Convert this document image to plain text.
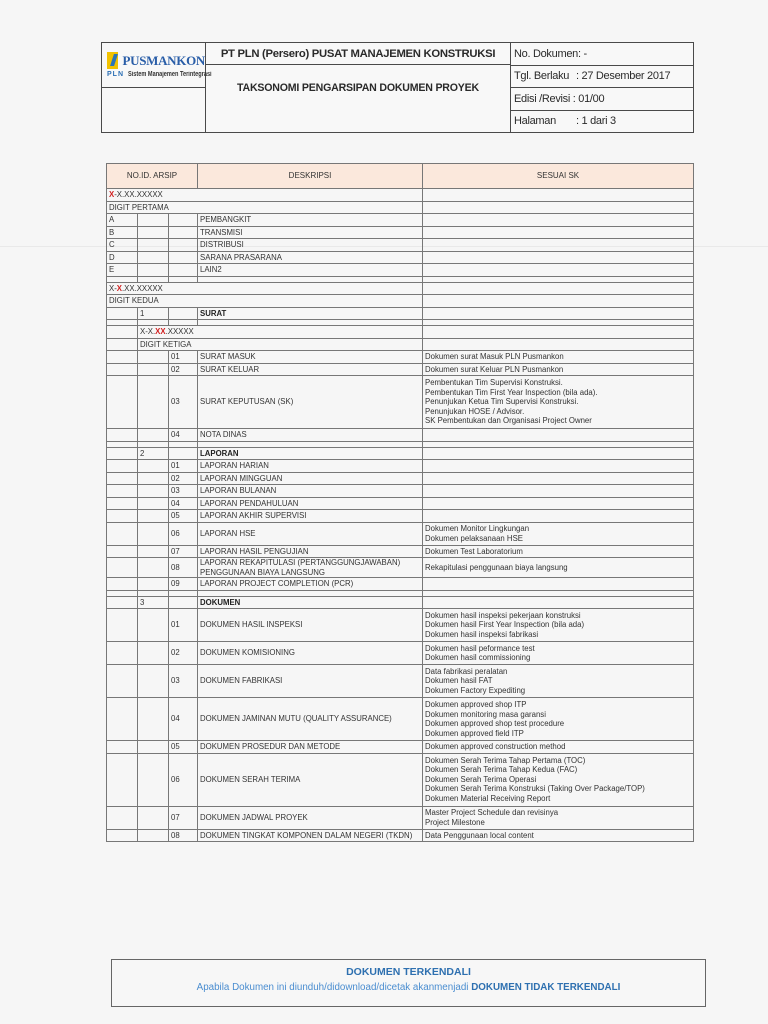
PUSMANKON
PLN Sistem Manajemen Terintegrasi
PT PLN (Persero) PUSAT MANAJEMEN KONSTRUKSI
TAKSONOMI PENGARSIPAN DOKUMEN PROYEK
No. Dokumen: -
Tgl. Berlaku : 27 Desember 2017
Edisi /Revisi : 01/00
Halaman	: 1 dari 3
NO.ID. ARSIP			DESKRIPSI	SESUAI SK
X-X.XX.XXXXX				
DIGIT PERTAMA				
A			PEMBANGKIT	
B			TRANSMISI	
C			DISTRIBUSI	
D			SARANA PRASARANA	
E			LAIN2	

X-X.XX.XXXXX				
DIGIT KEDUA				
	1		SURAT	

	X-X.XX.XXXXX			
	DIGIT KETIGA			
		01	SURAT MASUK	Dokumen surat Masuk PLN Pusmankon

		02	SURAT KELUAR	Dokumen surat Keluar PLN Pusmankon

		03	SURAT KEPUTUSAN (SK)	Pembentukan Tim Supervisi Konstruksi.
Pembentukan Tim First Year Inspection (bila ada).
Penunjukan Ketua Tim Supervisi Konstruksi.
Penunjukan HOSE / Advisor.
SK Pembentukan dan Organisasi Project Owner

		04	NOTA DINAS	

	2		LAPORAN	
		01	LAPORAN HARIAN	
		02	LAPORAN MINGGUAN	
		03	LAPORAN BULANAN	
		04	LAPORAN PENDAHULUAN	
		05	LAPORAN AKHIR SUPERVISI	
		06	LAPORAN HSE	Dokumen Monitor Lingkungan
Dokumen pelaksanaan HSE

		07	LAPORAN HASIL PENGUJIAN	Dokumen Test Laboratorium

		08	LAPORAN REKAPITULASI (PERTANGGUNGJAWABAN) PENGGUNAAN BIAYA LANGSUNG	Rekapitulasi penggunaan biaya langsung

		09	LAPORAN PROJECT COMPLETION (PCR)	

	3		DOKUMEN	
		01	DOKUMEN HASIL INSPEKSI	Dokumen hasil inspeksi pekerjaan konstruksi
Dokumen hasil First Year Inspection (bila ada)
Dokumen hasil inspeksi fabrikasi

		02	DOKUMEN KOMISIONING	Dokumen hasil peformance test
Dokumen hasil commissioning

		03	DOKUMEN FABRIKASI	Data fabrikasi peralatan
Dokumen hasil FAT
Dokumen Factory Expediting

		04	DOKUMEN JAMINAN MUTU (QUALITY ASSURANCE)	Dokumen approved shop ITP
Dokumen monitoring masa garansi
Dokumen approved shop test procedure
Dokumen approved field ITP

		05	DOKUMEN PROSEDUR DAN METODE	Dokumen approved construction method

		06	DOKUMEN SERAH TERIMA	Dokumen Serah Terima Tahap Pertama (TOC)
Dokumen Serah Terima Tahap Kedua (FAC)
Dokumen Serah Terima Operasi
Dokumen Serah Terima Konstruksi (Taking Over Package/TOP)
Dokumen Material Receiving Report

		07	DOKUMEN JADWAL PROYEK	Master Project Schedule dan revisinya
Project Milestone

		08	DOKUMEN TINGKAT KOMPONEN DALAM NEGERI (TKDN)	Data Penggunaan local content
DOKUMEN TERKENDALI
Apabila Dokumen ini diunduh/didownload/dicetak akanmenjadi DOKUMEN TIDAK TERKENDALI
